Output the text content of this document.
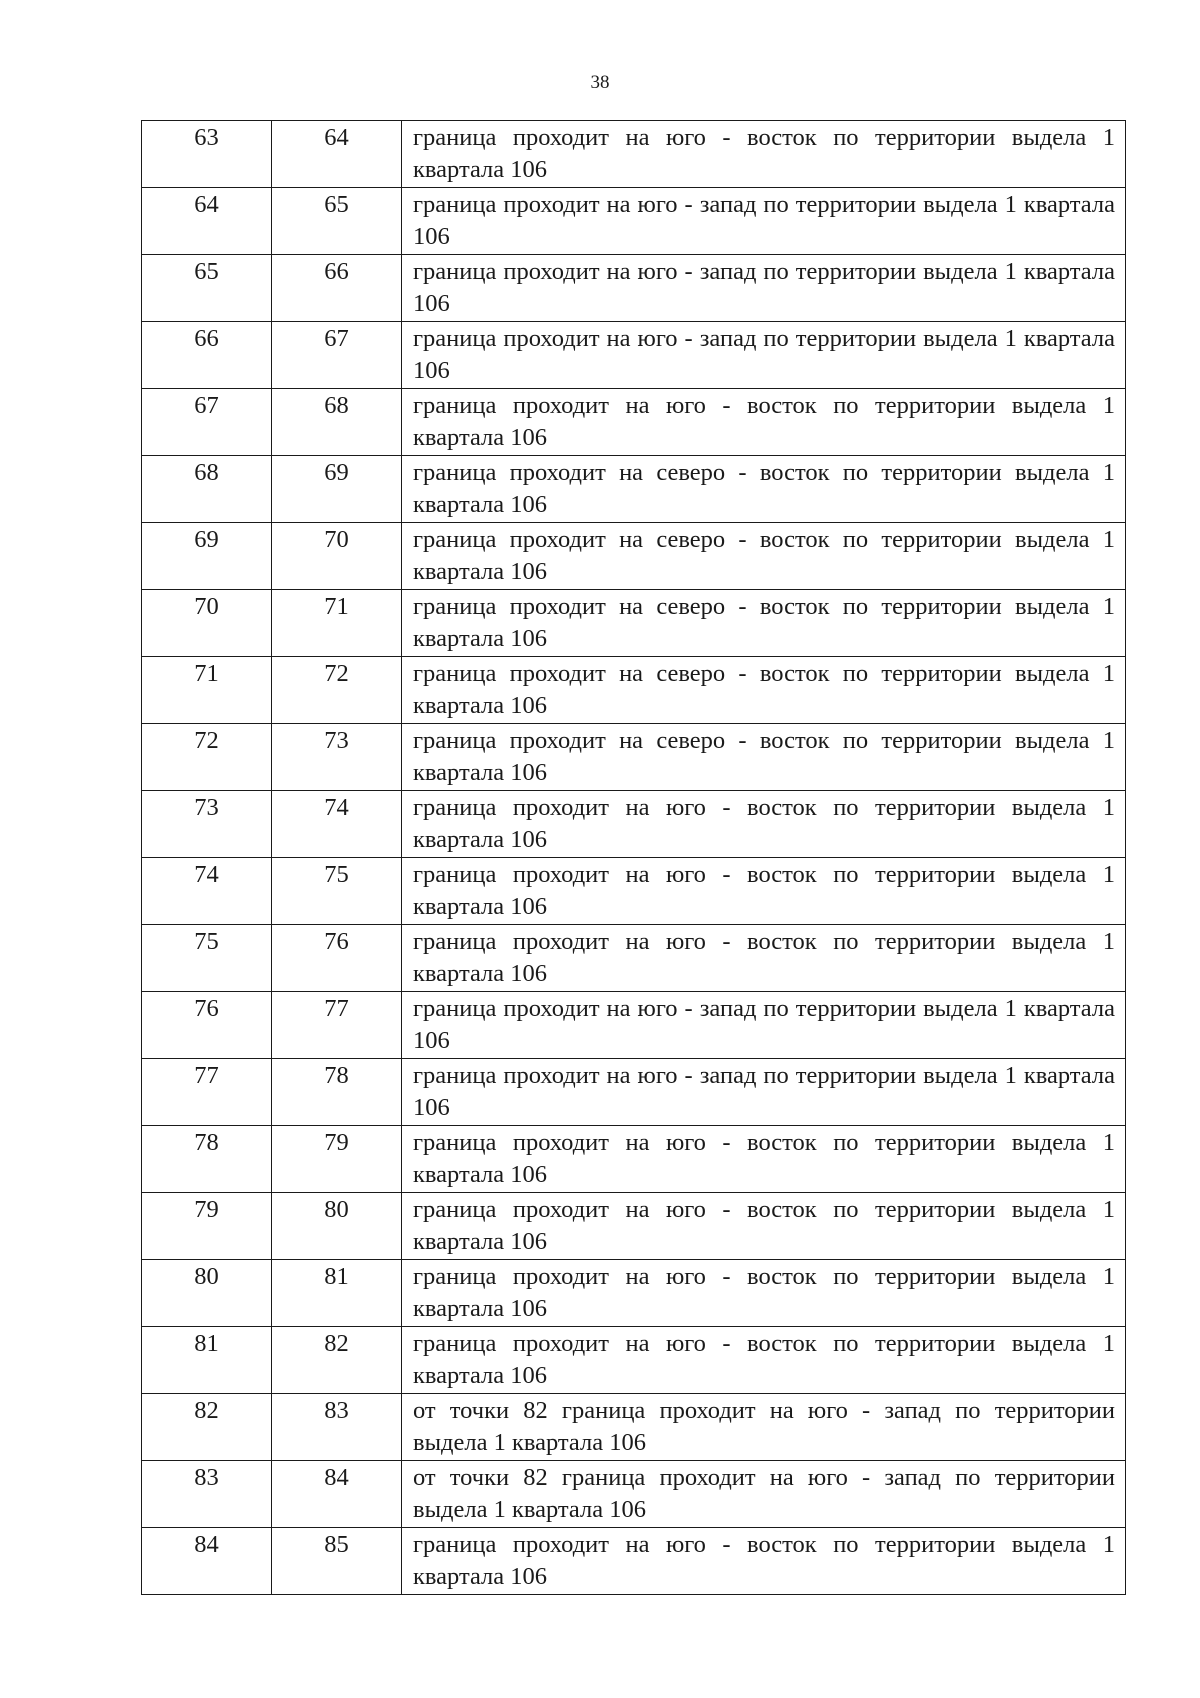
38
63	64	граница проходит на юго - восток по территории выдела 1 квартала 106
64	65	граница проходит на юго - запад по территории выдела 1 квартала 106
65	66	граница проходит на юго - запад по территории выдела 1 квартала 106
66	67	граница проходит на юго - запад по территории выдела 1 квартала 106
67	68	граница проходит на юго - восток по территории выдела 1 квартала 106
68	69	граница проходит на северо - восток по территории выдела 1 квартала 106
69	70	граница проходит на северо - восток по территории выдела 1 квартала 106
70	71	граница проходит на северо - восток по территории выдела 1 квартала 106
71	72	граница проходит на северо - восток по территории выдела 1 квартала 106
72	73	граница проходит на северо - восток по территории выдела 1 квартала 106
73	74	граница проходит на юго - восток по территории выдела 1 квартала 106
74	75	граница проходит на юго - восток по территории выдела 1 квартала 106
75	76	граница проходит на юго - восток по территории выдела 1 квартала 106
76	77	граница проходит на юго - запад по территории выдела 1 квартала 106
77	78	граница проходит на юго - запад по территории выдела 1 квартала 106
78	79	граница проходит на юго - восток по территории выдела 1 квартала 106
79	80	граница проходит на юго - восток по территории выдела 1 квартала 106
80	81	граница проходит на юго - восток по территории выдела 1 квартала 106
81	82	граница проходит на юго - восток по территории выдела 1 квартала 106
82	83	от точки 82 граница проходит на юго - запад по территории выдела 1 квартала 106
83	84	от точки 82 граница проходит на юго - запад по территории выдела 1 квартала 106
84	85	граница проходит на юго - восток по территории выдела 1 квартала 106
